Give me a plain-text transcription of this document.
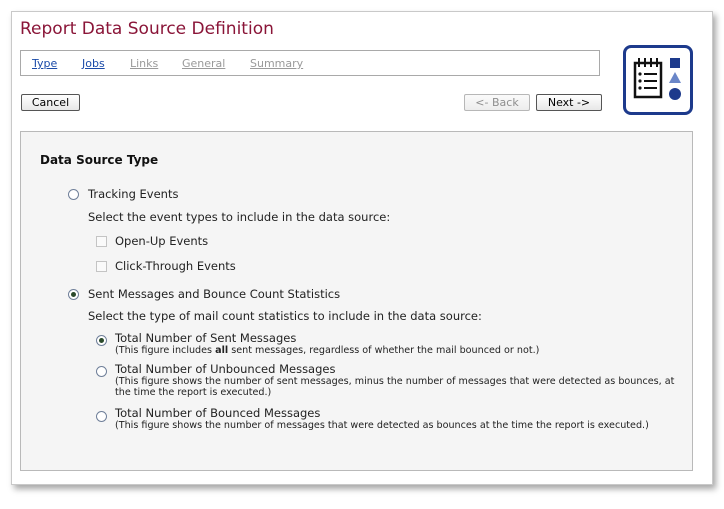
Report Data Source Definition
Type Jobs Links General Summary
Cancel	<- Back	Next ->
Data Source Type
Tracking Events
Select the event types to include in the data source:
Open-Up Events
Click-Through Events
Sent Messages and Bounce Count Statistics
Select the type of mail count statistics to include in the data source:
Total Number of Sent Messages
(This figure includes all sent messages, regardless of whether the mail bounced or not.)
Total Number of Unbounced Messages
(This figure shows the number of sent messages, minus the number of messages that were detected as bounces, at the time the report is executed.)
Total Number of Bounced Messages
(This figure shows the number of messages that were detected as bounces at the time the report is executed.)
